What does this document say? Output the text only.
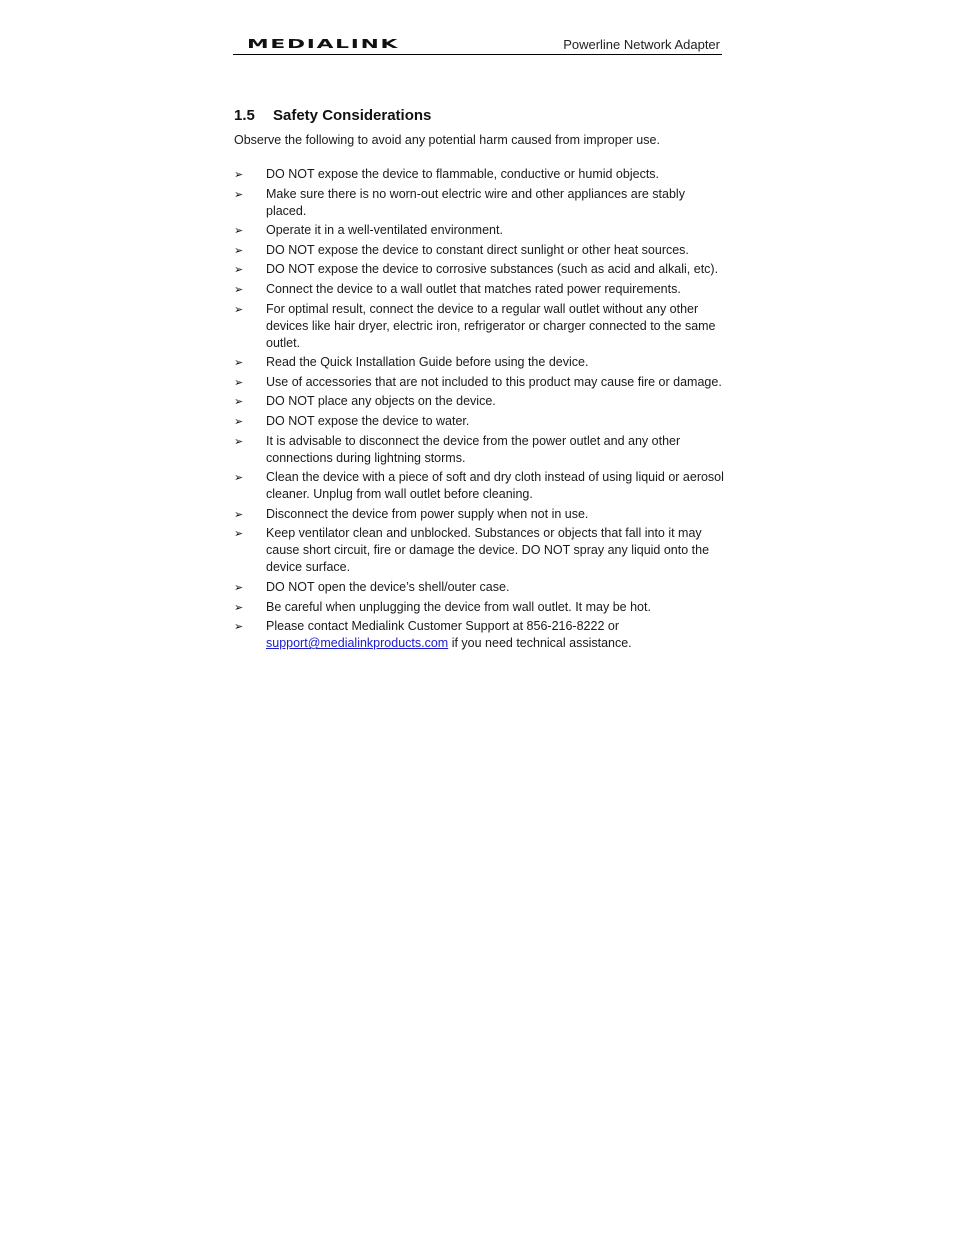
MEDIALINK	Powerline Network Adapter
1.5 Safety Considerations
Observe the following to avoid any potential harm caused from improper use.
➢	DO NOT expose the device to flammable, conductive or humid objects.
➢	Make sure there is no worn-out electric wire and other appliances are stably placed.
➢	Operate it in a well-ventilated environment.
➢	DO NOT expose the device to constant direct sunlight or other heat sources.
➢	DO NOT expose the device to corrosive substances (such as acid and alkali, etc).
➢	Connect the device to a wall outlet that matches rated power requirements.
➢	For optimal result, connect the device to a regular wall outlet without any other devices like hair dryer, electric iron, refrigerator or charger connected to the same outlet.
➢	Read the Quick Installation Guide before using the device.
➢	Use of accessories that are not included to this product may cause fire or damage.
➢	DO NOT place any objects on the device.
➢	DO NOT expose the device to water.
➢	It is advisable to disconnect the device from the power outlet and any other connections during lightning storms.
➢	Clean the device with a piece of soft and dry cloth instead of using liquid or aerosol cleaner. Unplug from wall outlet before cleaning.
➢	Disconnect the device from power supply when not in use.
➢	Keep ventilator clean and unblocked. Substances or objects that fall into it may cause short circuit, fire or damage the device. DO NOT spray any liquid onto the device surface.
➢	DO NOT open the device’s shell/outer case.
➢	Be careful when unplugging the device from wall outlet. It may be hot.
➢	Please contact Medialink Customer Support at 856-216-8222 or support@medialinkproducts.com if you need technical assistance.
